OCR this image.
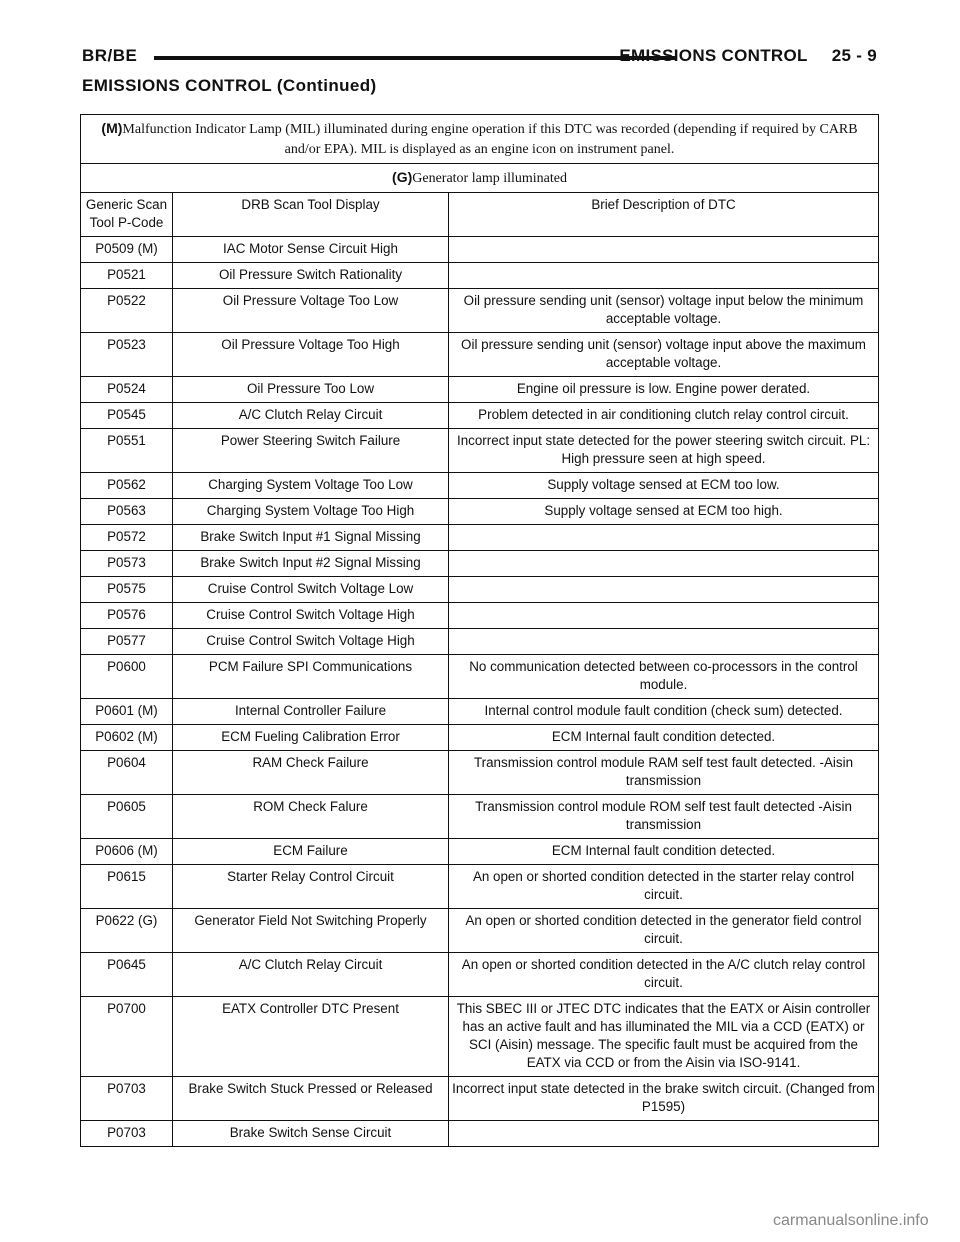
BR/BE	EMISSIONS CONTROL 25 - 9
EMISSIONS CONTROL (Continued)
(M)Malfunction Indicator Lamp (MIL) illuminated during engine operation if this DTC was recorded (depending if required by CARB and/or EPA). MIL is displayed as an engine icon on instrument panel.		
(G)Generator lamp illuminated		
Generic Scan Tool P-Code	DRB Scan Tool Display	Brief Description of DTC
P0509 (M)	IAC Motor Sense Circuit High	
P0521	Oil Pressure Switch Rationality	
P0522	Oil Pressure Voltage Too Low	Oil pressure sending unit (sensor) voltage input below the minimum acceptable voltage.
P0523	Oil Pressure Voltage Too High	Oil pressure sending unit (sensor) voltage input above the maximum acceptable voltage.
P0524	Oil Pressure Too Low	Engine oil pressure is low. Engine power derated.
P0545	A/C Clutch Relay Circuit	Problem detected in air conditioning clutch relay control circuit.
P0551	Power Steering Switch Failure	Incorrect input state detected for the power steering switch circuit. PL: High pressure seen at high speed.
P0562	Charging System Voltage Too Low	Supply voltage sensed at ECM too low.
P0563	Charging System Voltage Too High	Supply voltage sensed at ECM too high.
P0572	Brake Switch Input #1 Signal Missing	
P0573	Brake Switch Input #2 Signal Missing	
P0575	Cruise Control Switch Voltage Low	
P0576	Cruise Control Switch Voltage High	
P0577	Cruise Control Switch Voltage High	
P0600	PCM Failure SPI Communications	No communication detected between co-processors in the control module.
P0601 (M)	Internal Controller Failure	Internal control module fault condition (check sum) detected.
P0602 (M)	ECM Fueling Calibration Error	ECM Internal fault condition detected.
P0604	RAM Check Failure	Transmission control module RAM self test fault detected. -Aisin transmission
P0605	ROM Check Falure	Transmission control module ROM self test fault detected -Aisin transmission
P0606 (M)	ECM Failure	ECM Internal fault condition detected.
P0615	Starter Relay Control Circuit	An open or shorted condition detected in the starter relay control circuit.
P0622 (G)	Generator Field Not Switching Properly	An open or shorted condition detected in the generator field control circuit.
P0645	A/C Clutch Relay Circuit	An open or shorted condition detected in the A/C clutch relay control circuit.
P0700	EATX Controller DTC Present	This SBEC III or JTEC DTC indicates that the EATX or Aisin controller has an active fault and has illuminated the MIL via a CCD (EATX) or SCI (Aisin) message. The specific fault must be acquired from the EATX via CCD or from the Aisin via ISO-9141.
P0703	Brake Switch Stuck Pressed or Released	Incorrect input state detected in the brake switch circuit. (Changed from P1595)
P0703	Brake Switch Sense Circuit	
carmanualsonline.info
